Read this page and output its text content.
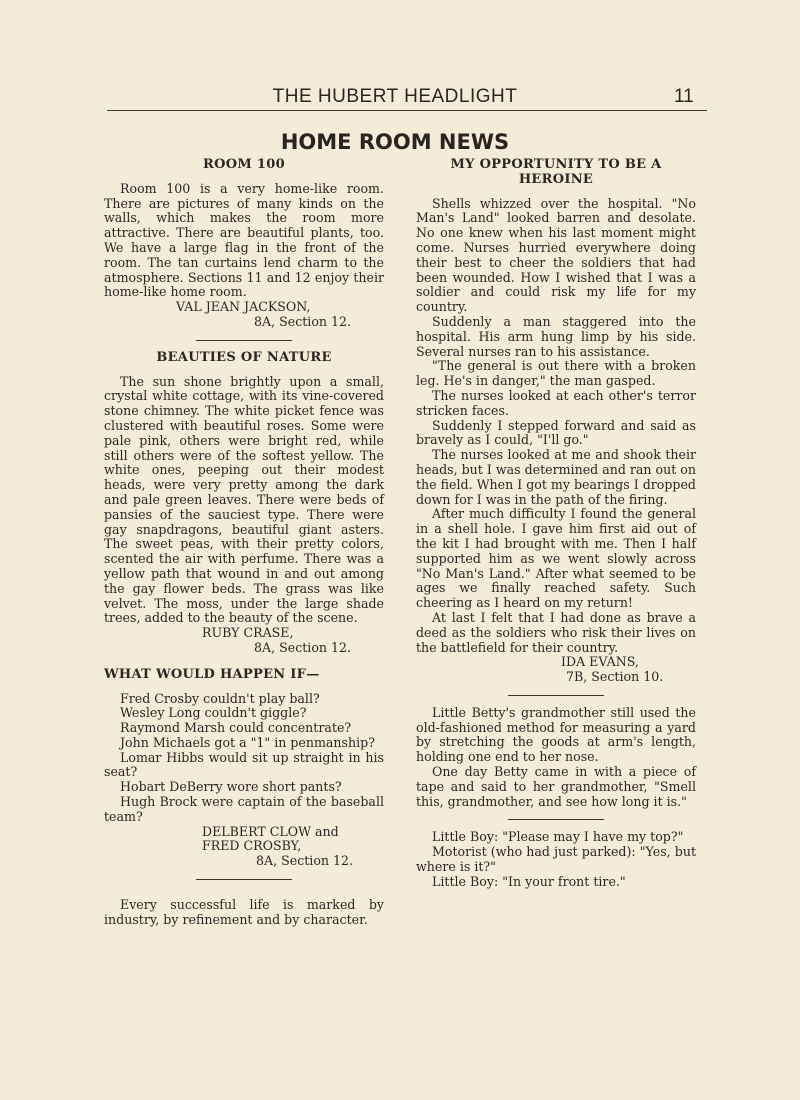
THE HUBERT HEADLIGHT	11
HOME ROOM NEWS
ROOM 100

Room 100 is a very home-like room. There are pictures of many kinds on the walls, which makes the room more attractive. There are beautiful plants, too. We have a large flag in the front of the room. The tan curtains lend charm to the atmosphere. Sections 11 and 12 enjoy their home-like home room.

VAL JEAN JACKSON,

8A, Section 12.

BEAUTIES OF NATURE

The sun shone brightly upon a small, crystal white cottage, with its vine-covered stone chimney. The white picket fence was clustered with beautiful roses. Some were pale pink, others were bright red, while still others were of the softest yellow. The white ones, peeping out their modest heads, were very pretty among the dark and pale green leaves. There were beds of pansies of the sauciest type. There were gay snapdragons, beautiful giant asters. The sweet peas, with their pretty colors, scented the air with perfume. There was a yellow path that wound in and out among the gay flower beds. The grass was like velvet. The moss, under the large shade trees, added to the beauty of the scene.

RUBY CRASE,

8A, Section 12.

WHAT WOULD HAPPEN IF—

Fred Crosby couldn't play ball?

Wesley Long couldn't giggle?

Raymond Marsh could concentrate?

John Michaels got a "1" in penmanship?

Lomar Hibbs would sit up straight in his seat?

Hobart DeBerry wore short pants?

Hugh Brock were captain of the baseball team?

DELBERT CLOW and

FRED CROSBY,

8A, Section 12.

Every successful life is marked by industry, by refinement and by character.

MY OPPORTUNITY TO BE A HEROINE

Shells whizzed over the hospital. "No Man's Land" looked barren and desolate. No one knew when his last moment might come. Nurses hurried everywhere doing their best to cheer the soldiers that had been wounded. How I wished that I was a soldier and could risk my life for my country.

Suddenly a man staggered into the hospital. His arm hung limp by his side. Several nurses ran to his assistance.

"The general is out there with a broken leg. He's in danger," the man gasped.

The nurses looked at each other's terror stricken faces.

Suddenly I stepped forward and said as bravely as I could, "I'll go."

The nurses looked at me and shook their heads, but I was determined and ran out on the field. When I got my bearings I dropped down for I was in the path of the firing.

After much difficulty I found the general in a shell hole. I gave him first aid out of the kit I had brought with me. Then I half supported him as we went slowly across "No Man's Land." After what seemed to be ages we finally reached safety. Such cheering as I heard on my return!

At last I felt that I had done as brave a deed as the soldiers who risk their lives on the battlefield for their country.

IDA EVANS,

7B, Section 10.

Little Betty's grandmother still used the old-fashioned method for measuring a yard by stretching the goods at arm's length, holding one end to her nose.

One day Betty came in with a piece of tape and said to her grandmother, "Smell this, grandmother, and see how long it is."

Little Boy: "Please may I have my top?"

Motorist (who had just parked): "Yes, but where is it?"

Little Boy: "In your front tire."
